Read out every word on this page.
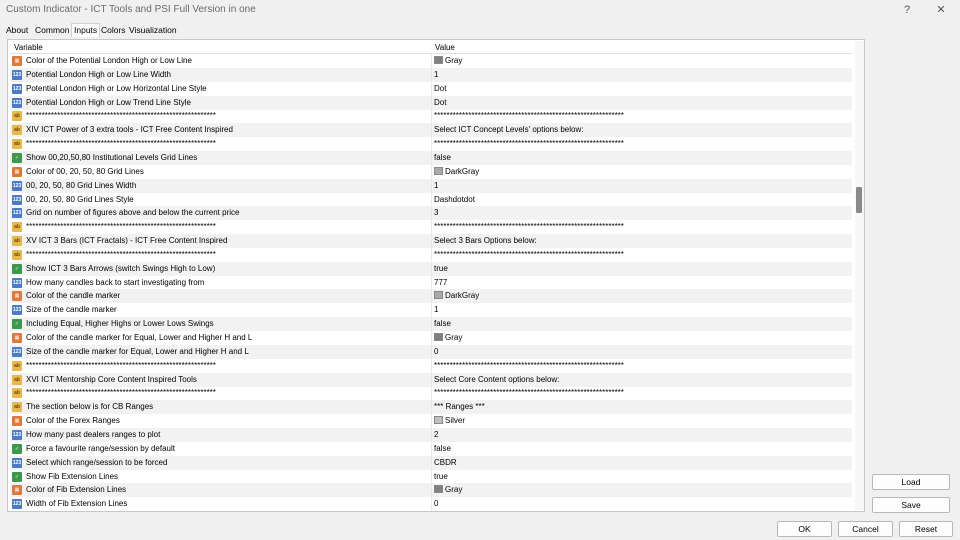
Custom Indicator - ICT Tools and PSI Full Version in one	?	✕
About Common Inputs Colors Visualization
Variable	Value
▦ Color of the Potential London High or Low Line	Gray
123 Potential London High or Low Line Width	1
123 Potential London High or Low Horizontal Line Style	Dot
123 Potential London High or Low Trend Line Style	Dot
ab *************************************************************	*************************************************************
ab XIV ICT Power of 3 extra tools - ICT Free Content Inspired	Select ICT Concept Levels' options below:
ab *************************************************************	*************************************************************
✓ Show 00,20,50,80 Institutional Levels Grid Lines	false
▦ Color of 00, 20, 50, 80 Grid Lines	DarkGray
123 00, 20, 50, 80 Grid Lines Width	1
123 00, 20, 50, 80 Grid Lines Style	Dashdotdot
123 Grid on number of figures above and below the current price	3
ab *************************************************************	*************************************************************
ab XV ICT 3 Bars (ICT Fractals) - ICT Free Content Inspired	Select 3 Bars Options below:
ab *************************************************************	*************************************************************
✓ Show ICT 3 Bars Arrows (switch Swings High to Low)	true
123 How many candles back to start investigating from	777
▦ Color of the candle marker	DarkGray
123 Size of the candle marker	1
✓ Including Equal, Higher Highs or Lower Lows Swings	false
▦ Color of the candle marker for Equal, Lower and Higher H and L	Gray
123 Size of the candle marker for Equal, Lower and Higher H and L	0
ab *************************************************************	*************************************************************
ab XVI ICT Mentorship Core Content Inspired Tools	Select Core Content options below:
ab *************************************************************	*************************************************************
ab The section below is for CB Ranges	*** Ranges ***
▦ Color of the Forex Ranges	Silver
123 How many past dealers ranges to plot	2
✓ Force a favourite range/session by default	false
123 Select which range/session to be forced	CBDR
✓ Show Fib Extension Lines	true
▦ Color of Fib Extension Lines	Gray
123 Width of Fib Extension Lines	0
Load
Save
OK	Cancel	Reset
